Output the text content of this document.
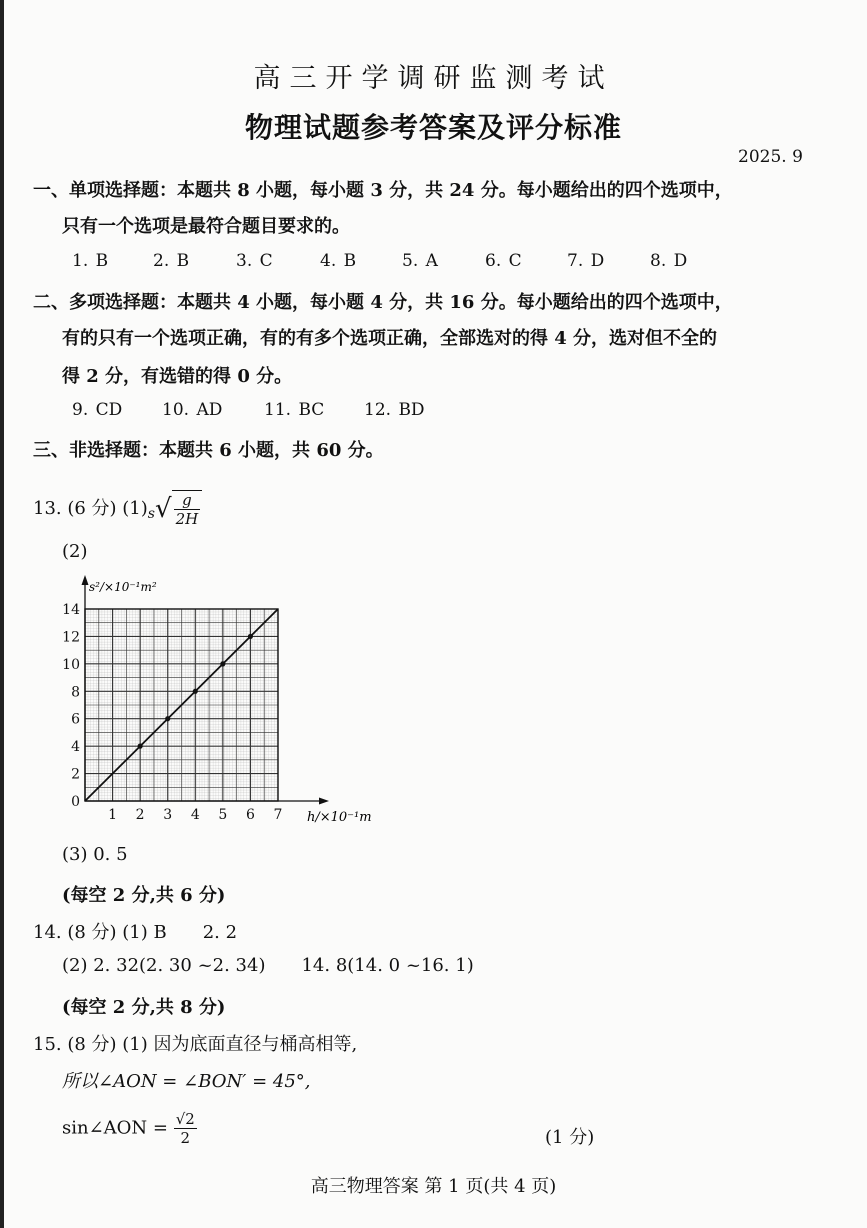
高三开学调研监测考试
物理试题参考答案及评分标准
2025. 9
一、单项选择题：本题共 8 小题，每小题 3 分，共 24 分。每小题给出的四个选项中，
只有一个选项是最符合题目要求的。
1. B	2. B	3. C	4. B	5. A	6. C	7. D	8. D
二、多项选择题：本题共 4 小题，每小题 4 分，共 16 分。每小题给出的四个选项中，
有的只有一个选项正确，有的有多个选项正确，全部选对的得 4 分，选对但不全的
得 2 分，有选错的得 0 分。
9. CD 10. AD 11. BC 12. BD
三、非选择题：本题共 6 小题，共 60 分。
13. (6 分) $(1)_s√ \frac{g}{2H}$
(2)
1 2 3 4 5 6 7
0
2
4
6
8
10
12
14
s²/×10⁻¹m²
h/×10⁻¹m
(3) 0. 5
(每空 2 分,共 6 分)
14. (8 分) (1) B 2. 2
(2) 2. 32(2. 30 ~2. 34) 14. 8(14. 0 ~16. 1)
(每空 2 分,共 8 分)
15. (8 分) (1) 因为底面直径与桶高相等,
所以∠AON = ∠BON′ = 45°,
sin∠AON = $\frac{√2}{2}$	(1 分)
高三物理答案 第 1 页(共 4 页)
